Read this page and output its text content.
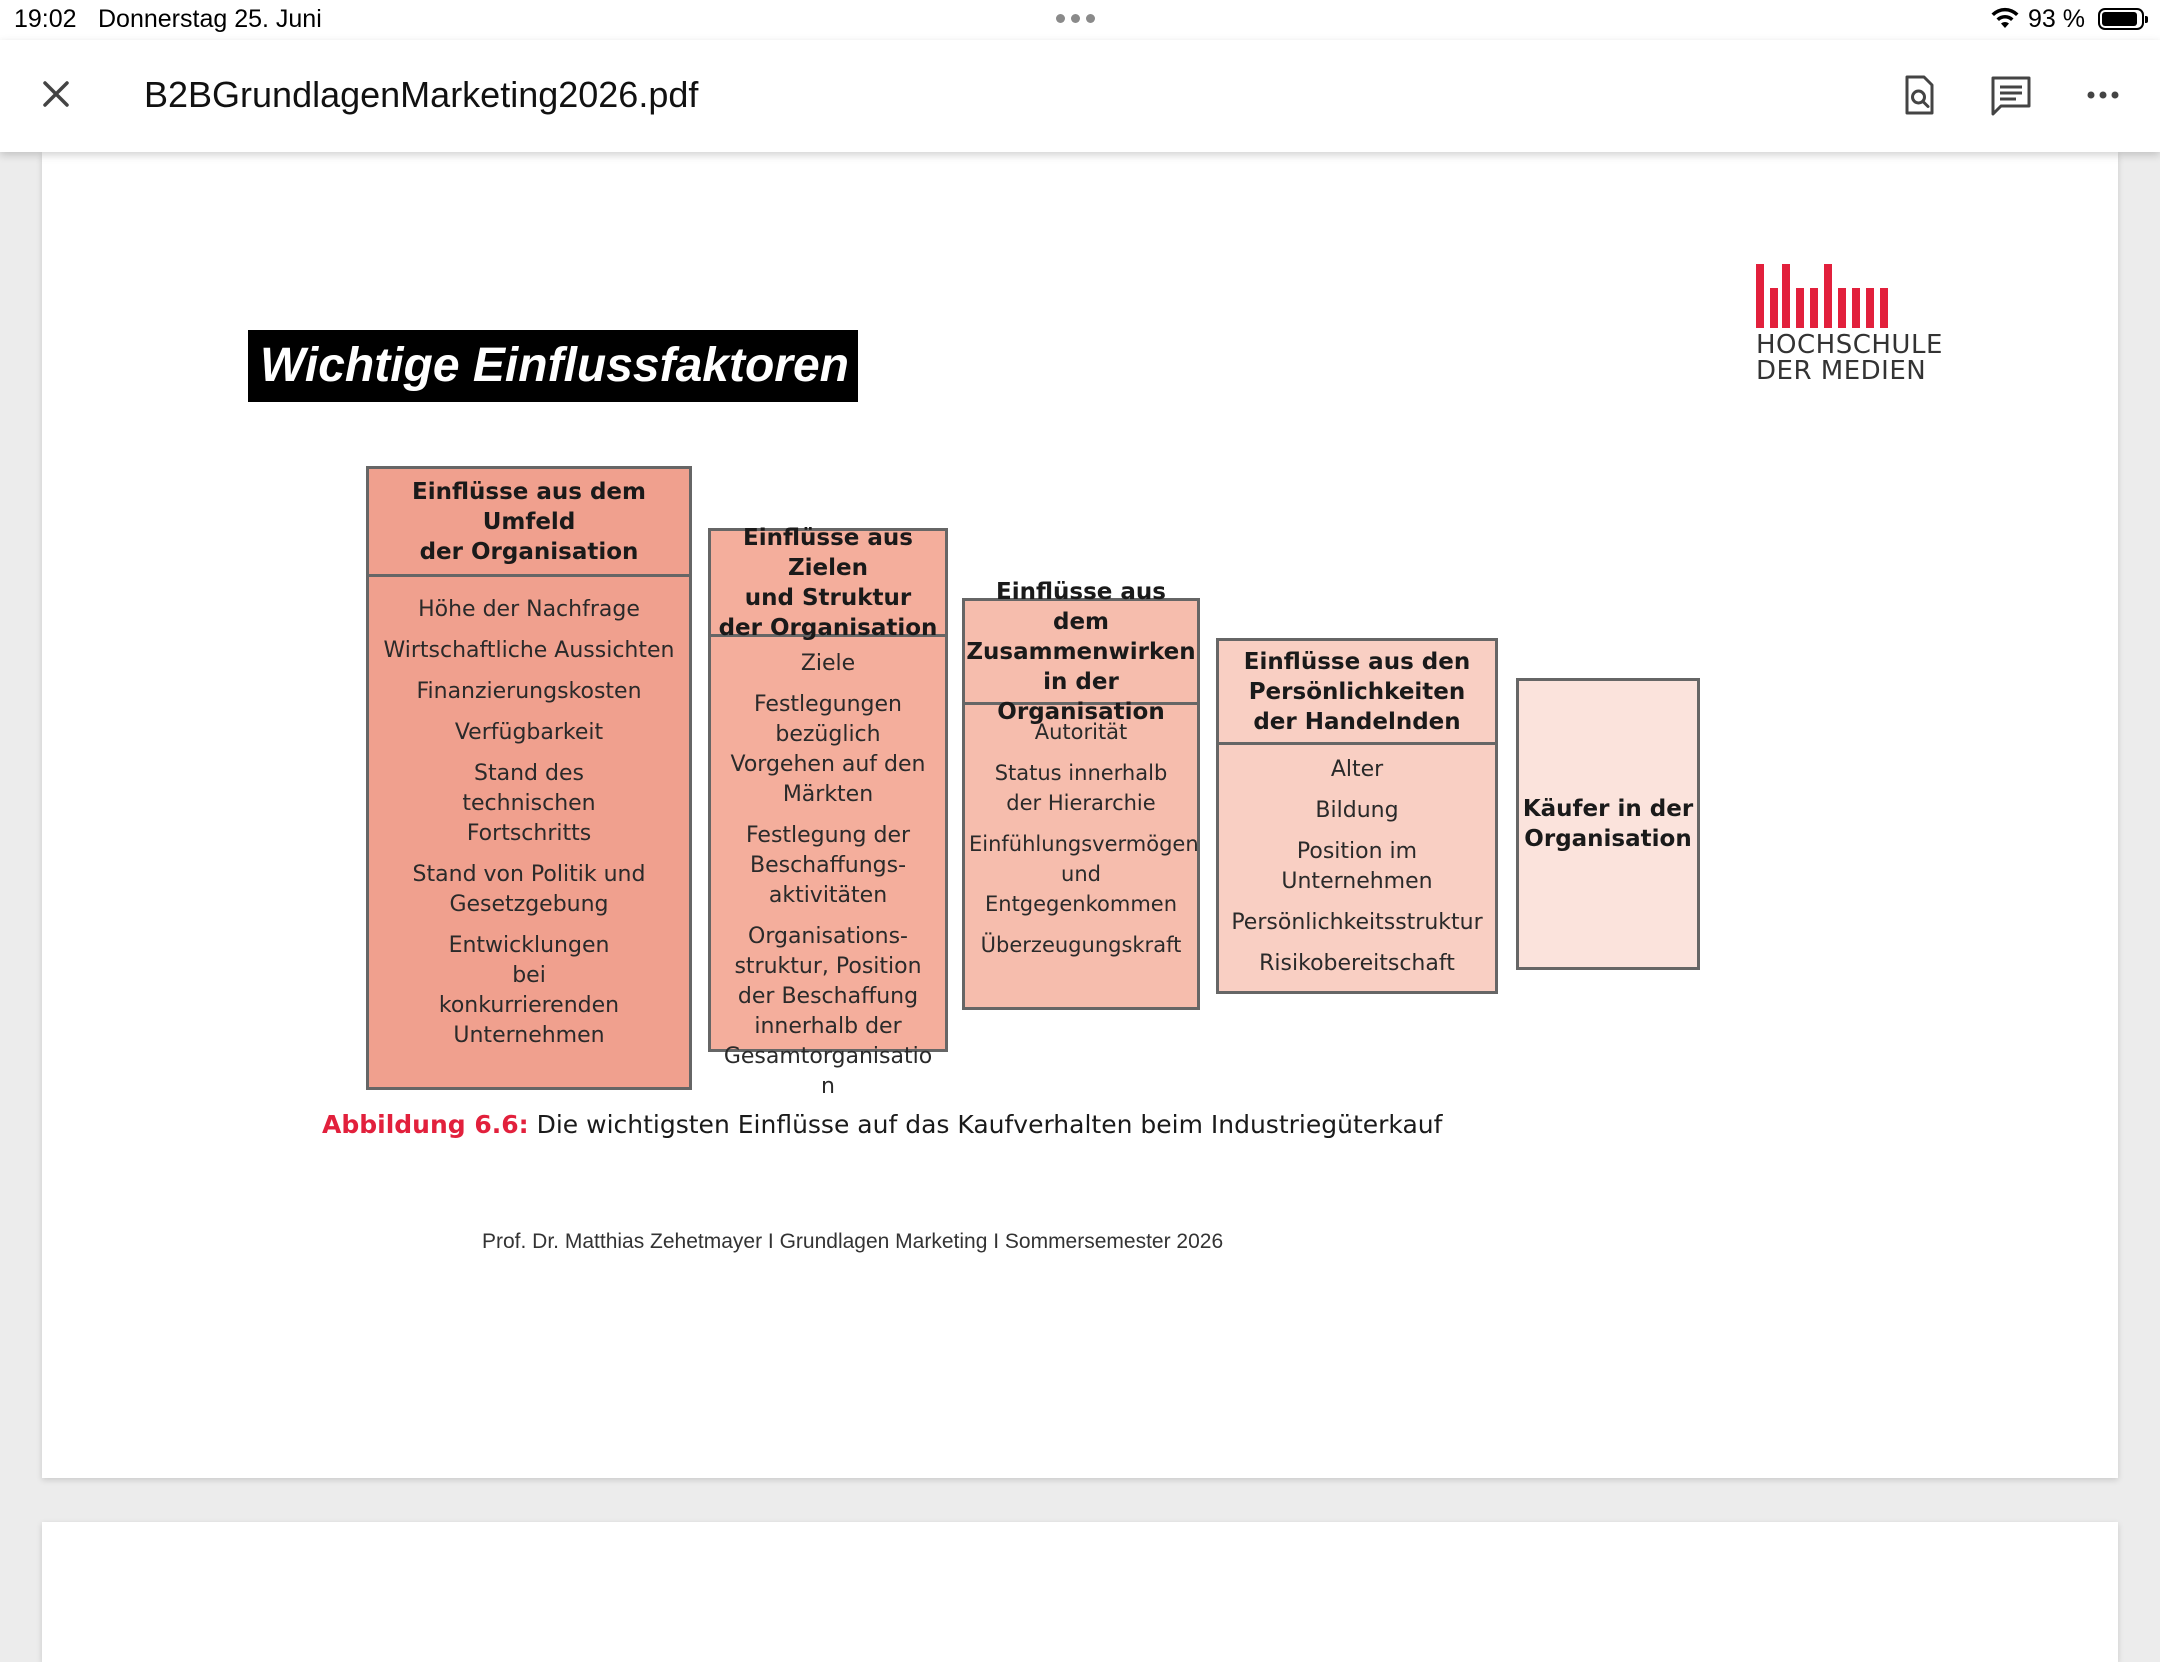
19:02 Donnerstag 25. Juni	93 %
B2BGrundlagenMarketing2026.pdf
Wichtige Einflussfaktoren	HOCHSCHULE
DER MEDIEN
Einflüsse aus dem Umfeld
der Organisation
Höhe der Nachfrage
Wirtschaftliche Aussichten
Finanzierungskosten
Verfügbarkeit
Stand des technischen Fortschritts
Stand von Politik und Gesetzgebung
Entwicklungen bei konkurrierenden Unternehmen
Einflüsse aus Zielen
und Struktur
der Organisation
Ziele
Festlegungen bezüglich Vorgehen auf den Märkten
Festlegung der Beschaffungs-aktivitäten
Organisations-struktur, Position der Beschaffung innerhalb der Gesamtorganisation
Einflüsse aus dem
Zusammenwirken
in der Organisation
Autorität
Status innerhalb der Hierarchie
Einfühlungsvermögen und Entgegenkommen
Überzeugungskraft
Einflüsse aus den
Persönlichkeiten
der Handelnden
Alter
Bildung
Position im Unternehmen
Persönlichkeitsstruktur
Risikobereitschaft
Käufer in der
Organisation
Abbildung 6.6: Die wichtigsten Einflüsse auf das Kaufverhalten beim Industriegüterkauf
Prof. Dr. Matthias Zehetmayer I Grundlagen Marketing I Sommersemester 2026
